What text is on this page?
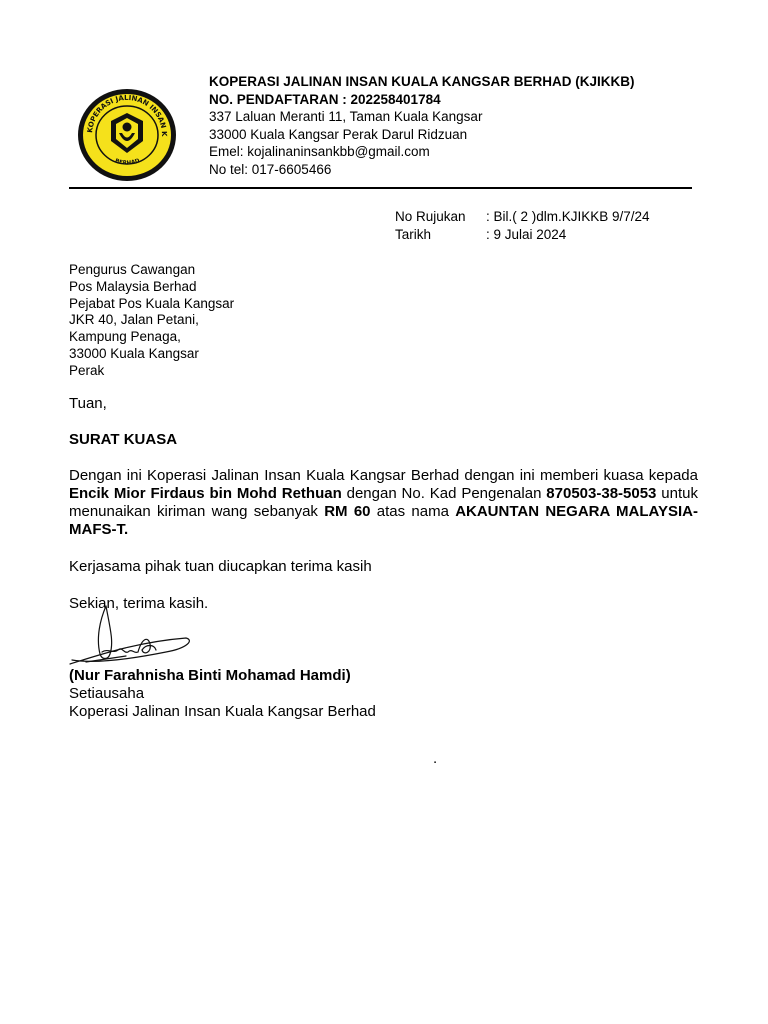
KOPERASI JALINAN INSAN K
BERHAD
KOPERASI JALINAN INSAN KUALA KANGSAR BERHAD (KJIKKB)
NO. PENDAFTARAN : 202258401784
337 Laluan Meranti 11, Taman Kuala Kangsar
33000 Kuala Kangsar Perak Darul Ridzuan
Emel: kojalinaninsankbb@gmail.com
No tel: 017-6605466
No Rujukan : Bil.( 2 )dlm.KJIKKB 9/7/24
Tarikh	: 9 Julai 2024
Pengurus Cawangan
Pos Malaysia Berhad
Pejabat Pos Kuala Kangsar
JKR 40, Jalan Petani,
Kampung Penaga,
33000 Kuala Kangsar
Perak
Tuan,
SURAT KUASA
Dengan ini Koperasi Jalinan Insan Kuala Kangsar Berhad dengan ini memberi kuasa kepada Encik Mior Firdaus bin Mohd Rethuan dengan No. Kad Pengenalan 870503-38-5053 untuk menunaikan kiriman wang sebanyak RM 60 atas nama AKAUNTAN NEGARA MALAYSIA-MAFS-T.
Kerjasama pihak tuan diucapkan terima kasih
Sekian, terima kasih.
(Nur Farahnisha Binti Mohamad Hamdi)
Setiausaha
Koperasi Jalinan Insan Kuala Kangsar Berhad
.
